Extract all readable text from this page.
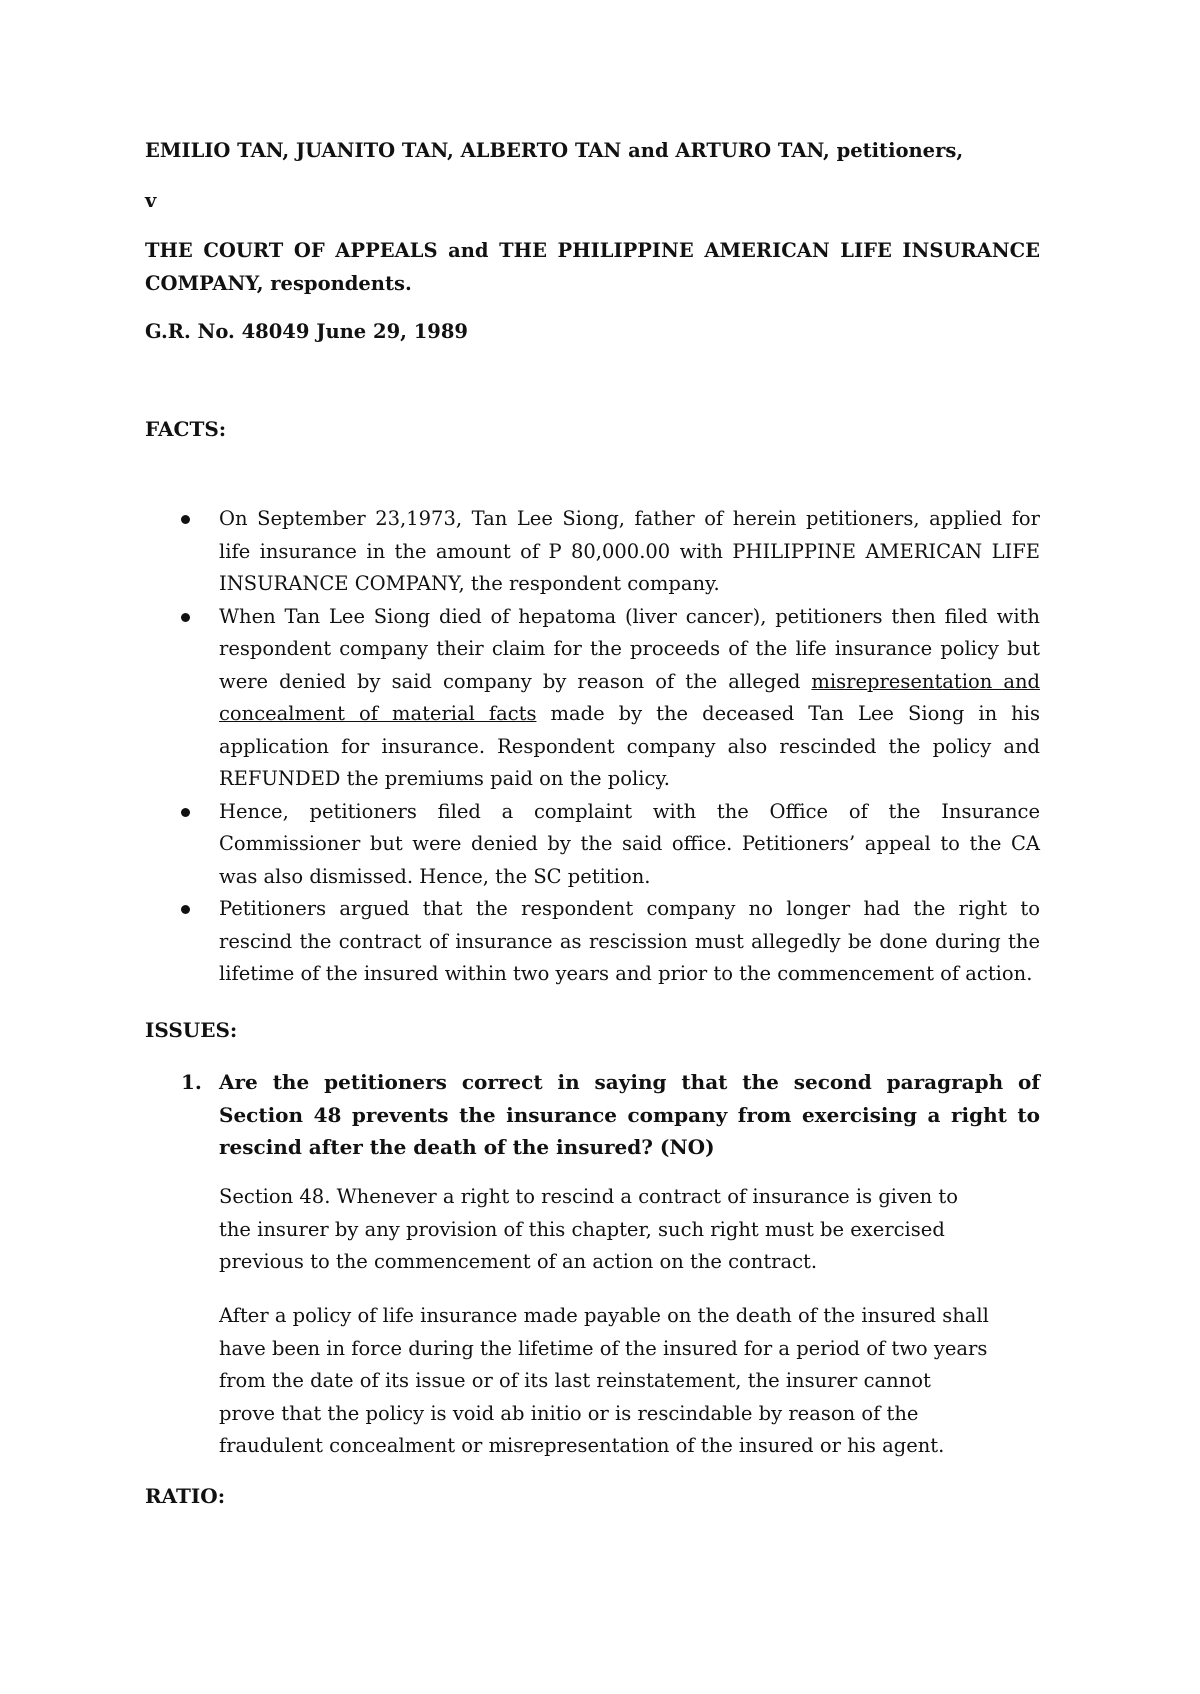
EMILIO TAN, JUANITO TAN, ALBERTO TAN and ARTURO TAN, petitioners,
v
THE COURT OF APPEALS and THE PHILIPPINE AMERICAN LIFE INSURANCE COMPANY, respondents.
G.R. No. 48049 June 29, 1989
FACTS:
On September 23,1973, Tan Lee Siong, father of herein petitioners, applied for life insurance in the amount of P 80,000.00 with PHILIPPINE AMERICAN LIFE INSURANCE COMPANY, the respondent company.
When Tan Lee Siong died of hepatoma (liver cancer), petitioners then filed with respondent company their claim for the proceeds of the life insurance policy but were denied by said company by reason of the alleged misrepresentation and concealment of material facts made by the deceased Tan Lee Siong in his application for insurance. Respondent company also rescinded the policy and REFUNDED the premiums paid on the policy.
Hence, petitioners filed a complaint with the Office of the Insurance Commissioner but were denied by the said office. Petitioners’ appeal to the CA was also dismissed. Hence, the SC petition.
Petitioners argued that the respondent company no longer had the right to rescind the contract of insurance as rescission must allegedly be done during the lifetime of the insured within two years and prior to the commencement of action.
ISSUES:
1. Are the petitioners correct in saying that the second paragraph of Section 48 prevents the insurance company from exercising a right to rescind after the death of the insured? (NO)
Section 48. Whenever a right to rescind a contract of insurance is given to the insurer by any provision of this chapter, such right must be exercised previous to the commencement of an action on the contract.
After a policy of life insurance made payable on the death of the insured shall have been in force during the lifetime of the insured for a period of two years from the date of its issue or of its last reinstatement, the insurer cannot prove that the policy is void ab initio or is rescindable by reason of the fraudulent concealment or misrepresentation of the insured or his agent.
RATIO:
